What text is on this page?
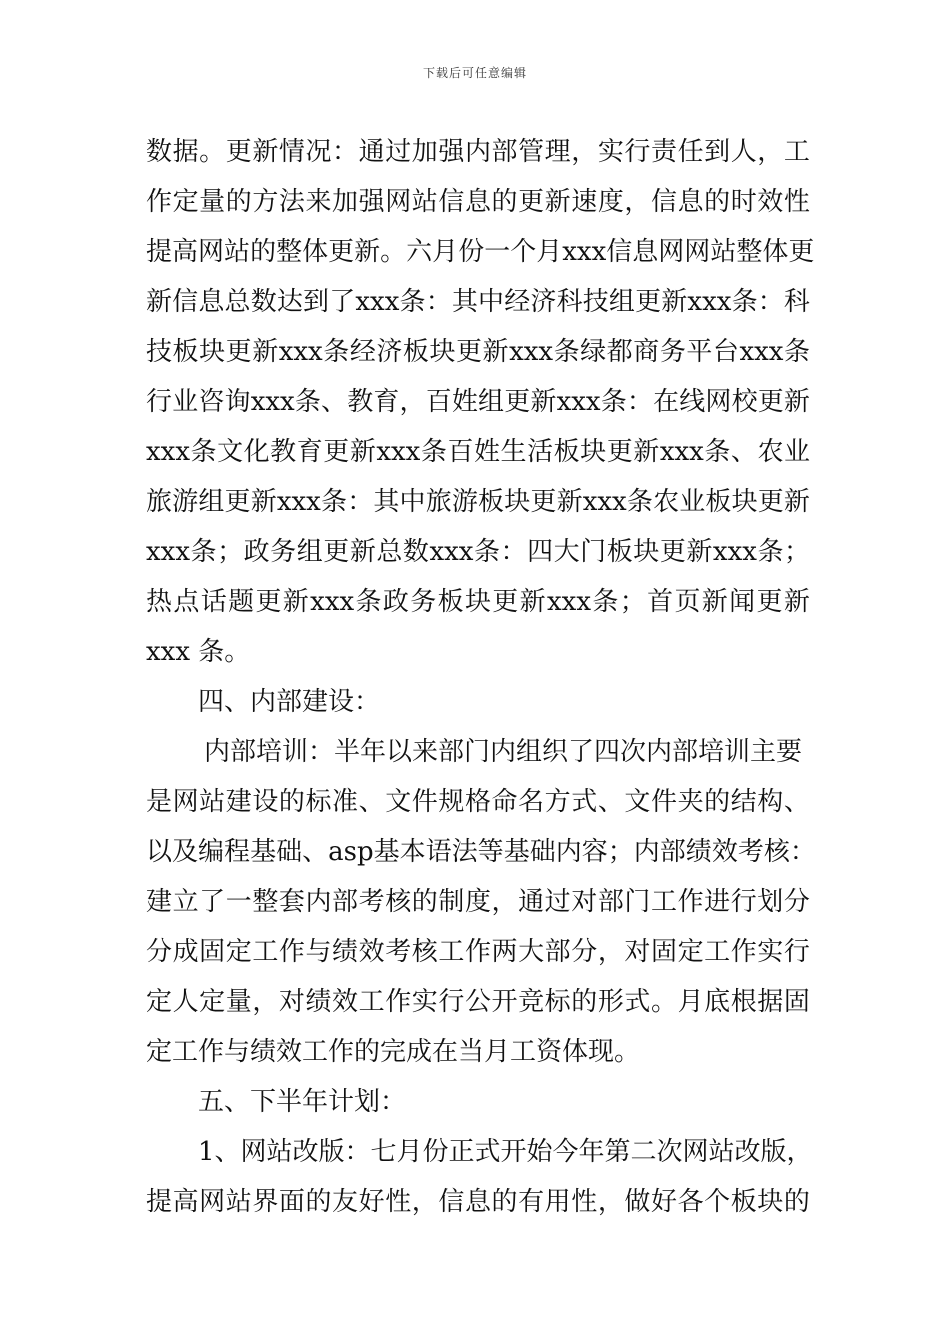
下载后可任意编辑
数 据 。 更 新 情 况 ： 通 过 加 强 内 部 管 理 ， 实 行 责 任 到 人 ， 工
作 定 量 的 方 法 来 加 强 网 站 信 息 的 更 新 速 度 ， 信 息 的 时 效 性
提 高 网 站 的 整 体 更 新 。 六 月 份 一 个 月 xxx 信 息 网 网 站 整 体 更
新 信 息 总 数 达 到 了 xxx 条 ： 其 中 经 济 科 技 组 更 新 xxx 条 ： 科
技 板 块 更 新 xxx 条 经 济 板 块 更 新 xxx 条 绿 都 商 务 平 台 xxx 条
行 业 咨 询 xxx 条 、 教 育 ， 百 姓 组 更 新 xxx 条 ： 在 线 网 校 更 新
xxx 条 文 化 教 育 更 新 xxx 条 百 姓 生 活 板 块 更 新 xxx 条 、 农 业
旅 游 组 更 新 xxx 条 ： 其 中 旅 游 板 块 更 新 xxx 条 农 业 板 块 更 新
xxx 条 ； 政 务 组 更 新 总 数 xxx 条 ： 四 大 门 板 块 更 新 xxx 条 ；
热 点 话 题 更 新 xxx 条 政 务 板 块 更 新 xxx 条 ； 首 页 新 闻 更 新
xxx 条。
四、内部建设：
内部培训：半年以来部门内组织了四次内部培训主要
是 网 站 建 设 的 标 准 、 文 件 规 格 命 名 方 式 、 文 件 夹 的 结 构 、
以 及 编 程 基 础 、 asp 基 本 语 法 等 基 础 内 容 ； 内 部 绩 效 考 核 ：
建 立 了 一 整 套 内 部 考 核 的 制 度 ， 通 过 对 部 门 工 作 进 行 划 分
分 成 固 定 工 作 与 绩 效 考 核 工 作 两 大 部 分 ， 对 固 定 工 作 实 行
定 人 定 量 ， 对 绩 效 工 作 实 行 公 开 竞 标 的 形 式 。 月 底 根 据 固
定工作与绩效工作的完成在当月工资体现。
五、下半年计划：
1、网站改版：七月份正式开始今年第二次网站改版，
提 高 网 站 界 面 的 友 好 性 ， 信 息 的 有 用 性 ， 做 好 各 个 板 块 的
